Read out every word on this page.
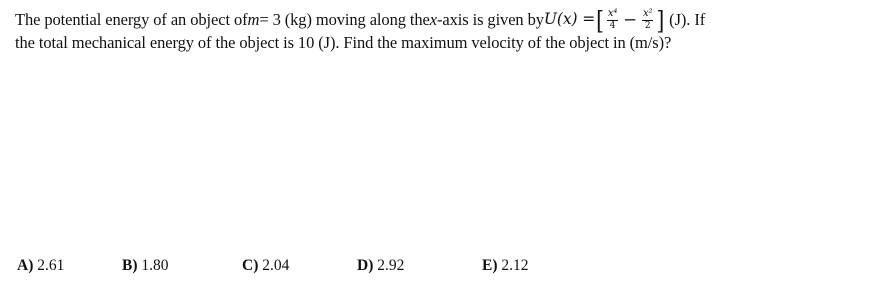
The potential energy of an object of m = 3 (kg) moving along the x -axis is given by U(x) = [ $\frac{\text{x⁴}}{4} - \frac{\text{x²}}{2}$ ] (J). If
the total mechanical energy of the object is 10 (J). Find the maximum velocity of the object in (m/s)?
A) 2.61	B) 1.80	C) 2.04	D) 2.92	E) 2.12
